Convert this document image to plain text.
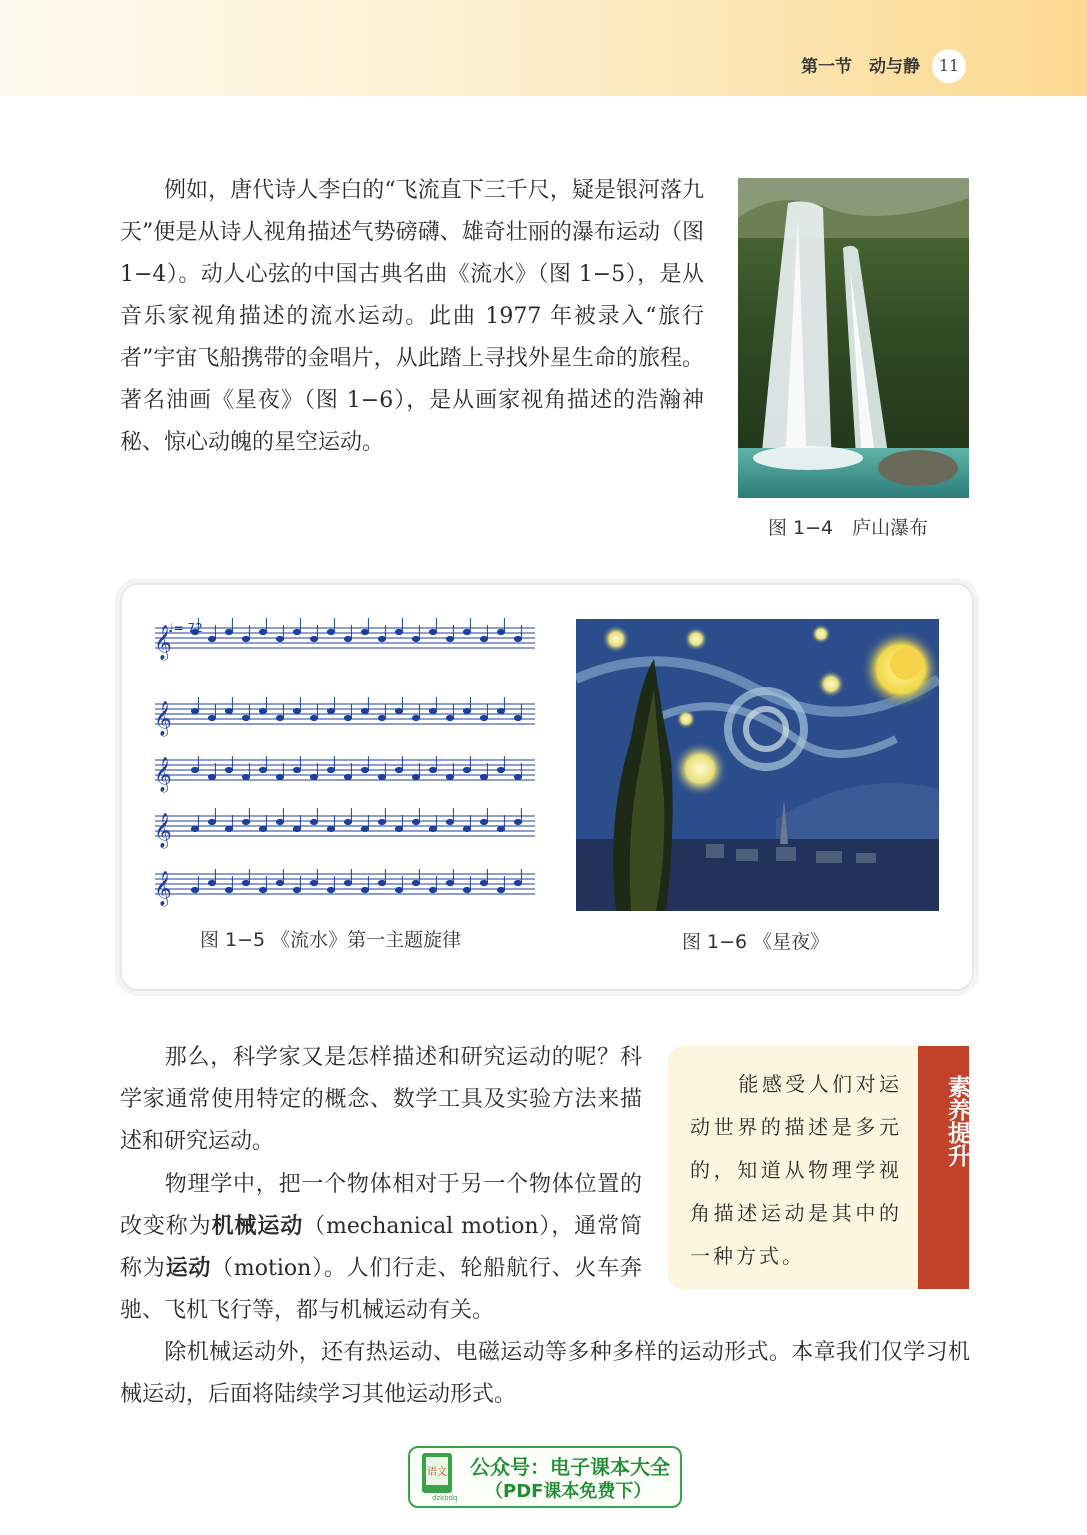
第一节　动与静	11

例如，唐代诗人李白的“飞流直下三千尺，疑是银河落九天”便是从诗人视角描述气势磅礴、雄奇壮丽的瀑布运动（图 1−4）。动人心弦的中国古典名曲《流水》（图 1−5），是从音乐家视角描述的流水运动。此曲 1977 年被录入“旅行者”宇宙飞船携带的金唱片，从此踏上寻找外星生命的旅程。著名油画《星夜》（图 1−6），是从画家视角描述的浩瀚神秘、惊心动魄的星空运动。

图 1−4　庐山瀑布
𝄞
𝄞
𝄞
𝄞
𝄞
♩= 72
图 1−5 《流水》第一主题旋律	图 1−6 《星夜》

那么，科学家又是怎样描述和研究运动的呢？科学家通常使用特定的概念、数学工具及实验方法来描述和研究运动。

物理学中，把一个物体相对于另一个物体位置的改变称为机械运动（mechanical motion），通常简称为运动（motion）。人们行走、轮船航行、火车奔驰、飞机飞行等，都与机械运动有关。

除机械运动外，还有热运动、电磁运动等多种多样的运动形式。本章我们仅学习机械运动，后面将陆续学习其他运动形式。

能感受人们对运动世界的描述是多元的，知道从物理学视角描述运动是其中的一种方式。

素养提升
语文
dzkbdq
公众号：电子课本大全
（PDF课本免费下）
